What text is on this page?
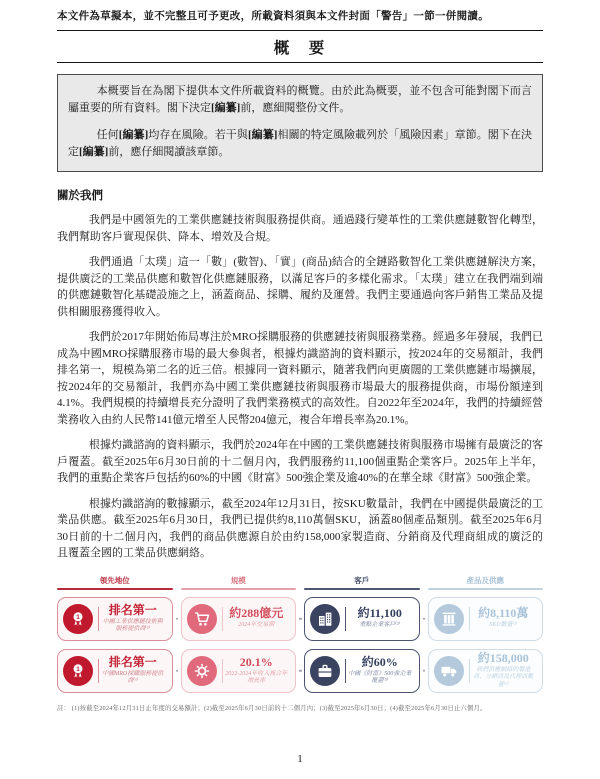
本文件為草擬本，並不完整且可予更改，所載資料須與本文件封面「警告」一節一併閱讀。
概　要

本概要旨在為閣下提供本文件所載資料的概覽。由於此為概要，並不包含可能對閣下而言屬重要的所有資料。閣下決定[編纂]前，應細閱整份文件。

任何[編纂]均存在風險。若干與[編纂]相關的特定風險載列於「風險因素」章節。閣下在決定[編纂]前，應仔細閱讀該章節。

關於我們

我們是中國領先的工業供應鏈技術與服務提供商。通過踐行變革性的工業供應鏈數智化轉型，我們幫助客戶實現保供、降本、增效及合規。

我們通過「太璞」這一「數」(數智)、「實」(商品)結合的全鏈路數智化工業供應鏈解決方案，提供廣泛的工業品供應和數智化供應鏈服務，以滿足客戶的多樣化需求。「太璞」建立在我們端到端的供應鏈數智化基礎設施之上，涵蓋商品、採購、履約及運營。我們主要通過向客戶銷售工業品及提供相關服務獲得收入。

我們於2017年開始佈局專注於MRO採購服務的供應鏈技術與服務業務。經過多年發展，我們已成為中國MRO採購服務市場的最大參與者，根據灼識諮詢的資料顯示，按2024年的交易額計，我們排名第一，規模為第二名的近三倍。根據同一資料顯示，隨著我們向更廣闊的工業供應鏈市場擴展，按2024年的交易額計，我們亦為中國工業供應鏈技術與服務市場最大的服務提供商，市場份額達到4.1%。我們規模的持續增長充分證明了我們業務模式的高效性。自2022年至2024年，我們的持續經營業務收入由約人民幣141億元增至人民幣204億元，複合年增長率為20.1%。

根據灼識諮詢的資料顯示，我們於2024年在中國的工業供應鏈技術與服務市場擁有最廣泛的客戶覆蓋。截至2025年6月30日前的十二個月內，我們服務約11,100個重點企業客戶。2025年上半年，我們的重點企業客戶包括約60%的中國《財富》500強企業及逾40%的在華全球《財富》500強企業。

根據灼識諮詢的數據顯示，截至2024年12月31日，按SKU數量計，我們在中國提供最廣泛的工業品供應。截至2025年6月30日，我們已提供約8,110萬個SKU，涵蓋80個產品類別。截至2025年6月30日前的十二個月內，我們的商品供應源自於由約158,000家製造商、分銷商及代理商組成的廣泛的且覆蓋全國的工業品供應網絡。

領先地位
1
排名第一
中國工業供應鏈技術與服務提供商⁽¹⁾
1
排名第一
中國MRO採購服務提供商⁽¹⁾
規模
約288億元
2024年交易額
20.1%
2022-2024年收入複合年增長率
客戶
約11,100
重點企業客戶⁽²⁾
約60%
中國《財富》500強企業覆蓋⁽⁵⁾
產品及供應
約8,110萬
SKU數量⁽³⁾
約158,000
我們供應網絡的製造商、分銷商及代理商數量⁽⁶⁾
註： (1)按截至2024年12月31日止年度的交易額計；(2)截至2025年6月30日前的十二個月內；(3)截至2025年6月30日；(4)截至2025年6月30日止六個月。
1
